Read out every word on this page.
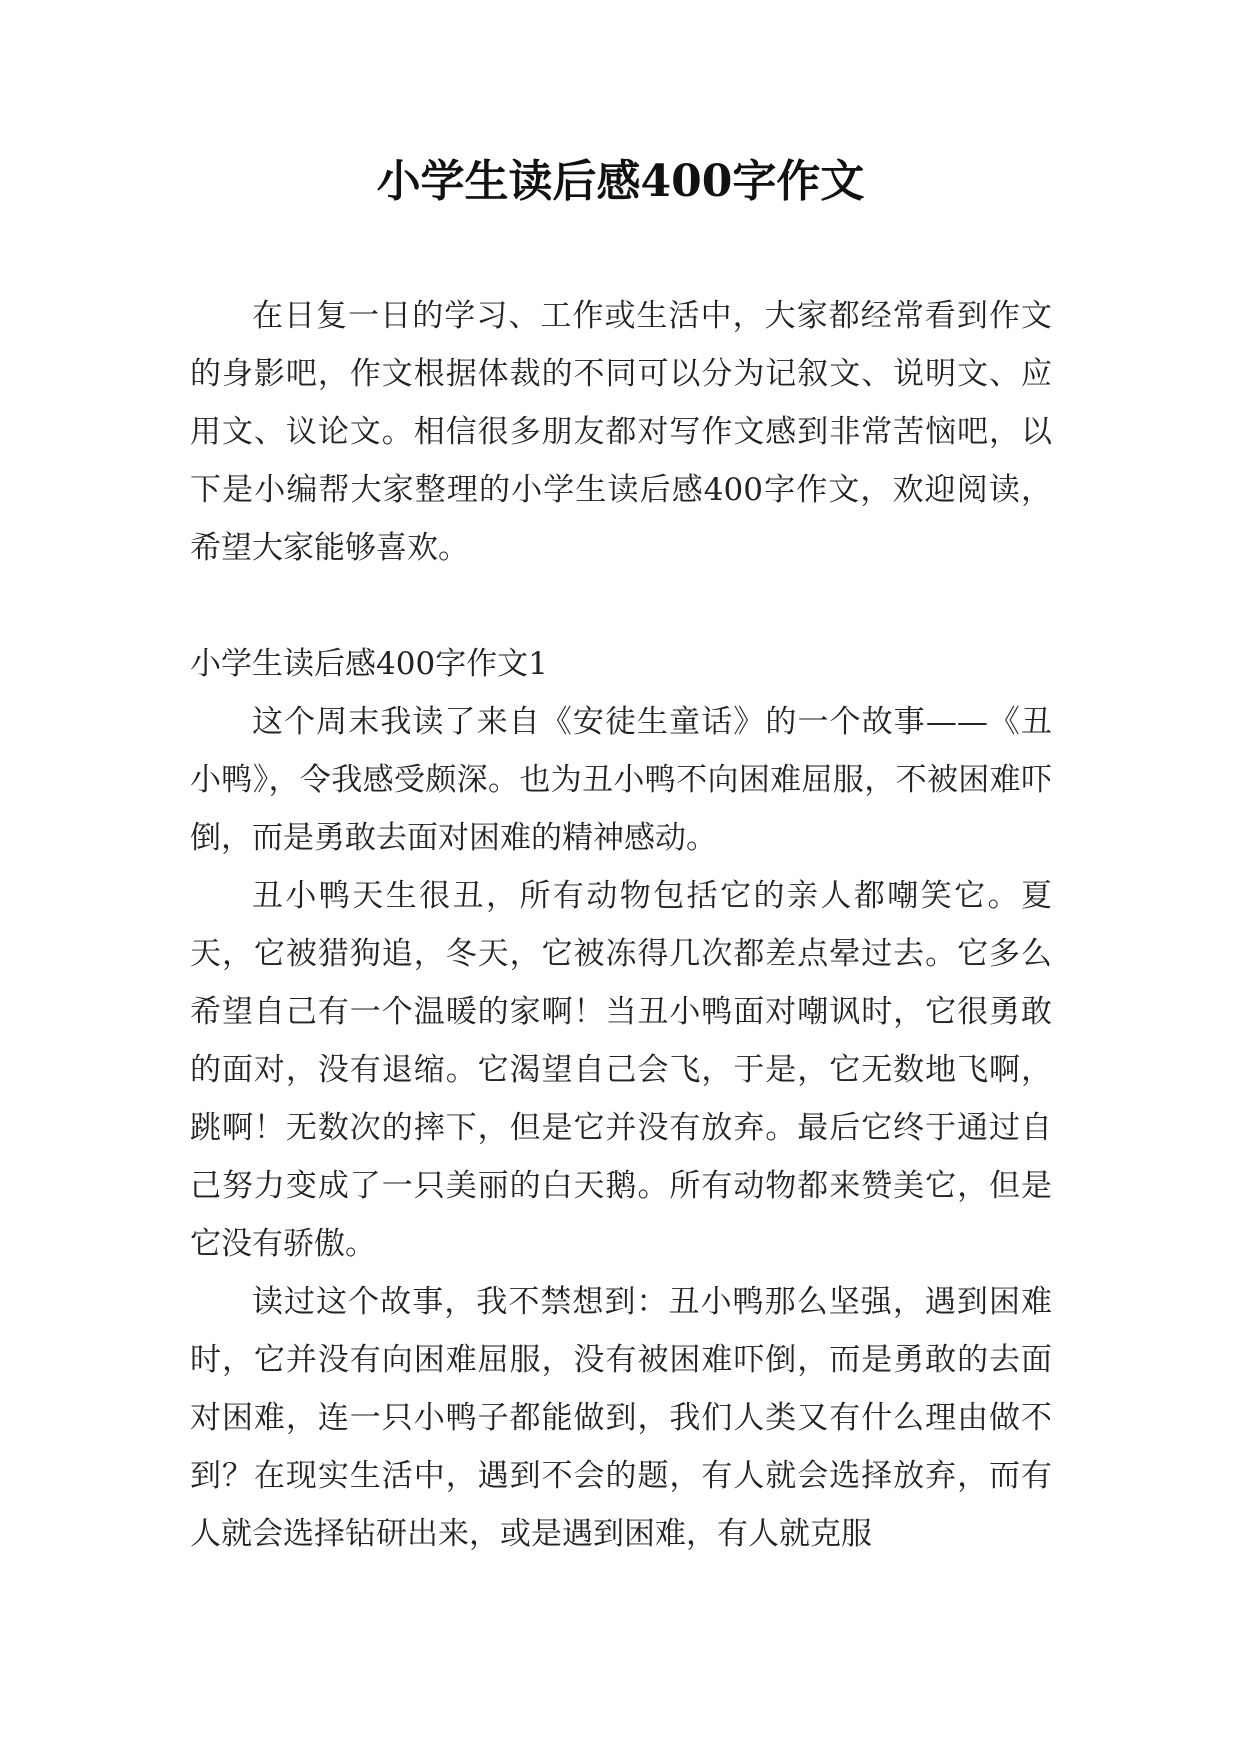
小学生读后感400字作文

在日复一日的学习、工作或生活中，大家都经常看到作文的身影吧，作文根据体裁的不同可以分为记叙文、说明文、应用文、议论文。相信很多朋友都对写作文感到非常苦恼吧，以下是小编帮大家整理的小学生读后感400字作文，欢迎阅读，希望大家能够喜欢。

小学生读后感400字作文1

这个周末我读了来自《安徒生童话》的一个故事——《丑小鸭》，令我感受颇深。也为丑小鸭不向困难屈服，不被困难吓倒，而是勇敢去面对困难的精神感动。

丑小鸭天生很丑，所有动物包括它的亲人都嘲笑它。夏天，它被猎狗追，冬天，它被冻得几次都差点晕过去。它多么希望自己有一个温暖的家啊！当丑小鸭面对嘲讽时，它很勇敢的面对，没有退缩。它渴望自己会飞，于是，它无数地飞啊，跳啊！无数次的摔下，但是它并没有放弃。最后它终于通过自己努力变成了一只美丽的白天鹅。所有动物都来赞美它，但是它没有骄傲。

读过这个故事，我不禁想到：丑小鸭那么坚强，遇到困难时，它并没有向困难屈服，没有被困难吓倒，而是勇敢的去面对困难，连一只小鸭子都能做到，我们人类又有什么理由做不到？在现实生活中，遇到不会的题，有人就会选择放弃，而有人就会选择钻研出来，或是遇到困难，有人就克服
